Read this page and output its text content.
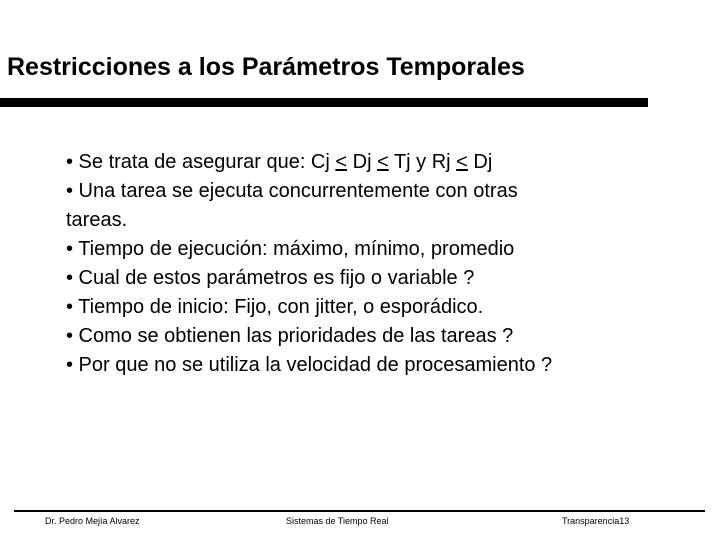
Restricciones a los Parámetros Temporales
• Se trata de asegurar que: Cj < Dj < Tj y Rj < Dj
• Una tarea se ejecuta concurrentemente con otras
tareas.
• Tiempo de ejecución: máximo, mínimo, promedio
• Cual de estos parámetros es fijo o variable ?
• Tiempo de inicio: Fijo, con jitter, o esporádico.
• Como se obtienen las prioridades de las tareas ?
• Por que no se utiliza la velocidad de procesamiento ?
Dr. Pedro Mejía Alvarez	Sistemas de Tiempo Real	Transparencia13
